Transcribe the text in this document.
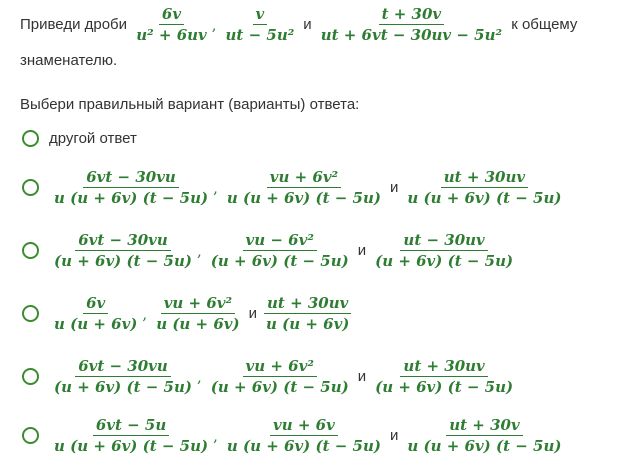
Приведи дроби
$\frac{6v}{\text{u² + 6uv}}$ , $\frac{v}{\text{ut − 5u²}}$ и $\frac{t + 30v}{\text{ut + 6vt − 30uv − 5u²}}$
к общему
знаменателю.
Выбери правильный вариант (варианты) ответа:
другой ответ
$\frac{6vt - 30vu}{u (u + 6v) (t - 5u)}$ , $\frac{\text{vu + 6v²}}{u (u + 6v) (t - 5u)}$ и $\frac{ut + 30uv}{u (u + 6v) (t - 5u)}$
$\frac{6vt - 30vu}{(u + 6v) (t - 5u)}$ , $\frac{\text{vu − 6v²}}{(u + 6v) (t - 5u)}$ и $\frac{ut - 30uv}{(u + 6v) (t - 5u)}$
$\frac{6v}{u (u + 6v)}$ , $\frac{\text{vu + 6v²}}{u (u + 6v)}$ и $\frac{ut + 30uv}{u (u + 6v)}$
$\frac{6vt - 30vu}{(u + 6v) (t - 5u)}$ , $\frac{\text{vu + 6v²}}{(u + 6v) (t - 5u)}$ и $\frac{ut + 30uv}{(u + 6v) (t - 5u)}$
$\frac{6vt - 5u}{u (u + 6v) (t - 5u)}$ , $\frac{vu + 6v}{u (u + 6v) (t - 5u)}$ и $\frac{ut + 30v}{u (u + 6v) (t - 5u)}$
